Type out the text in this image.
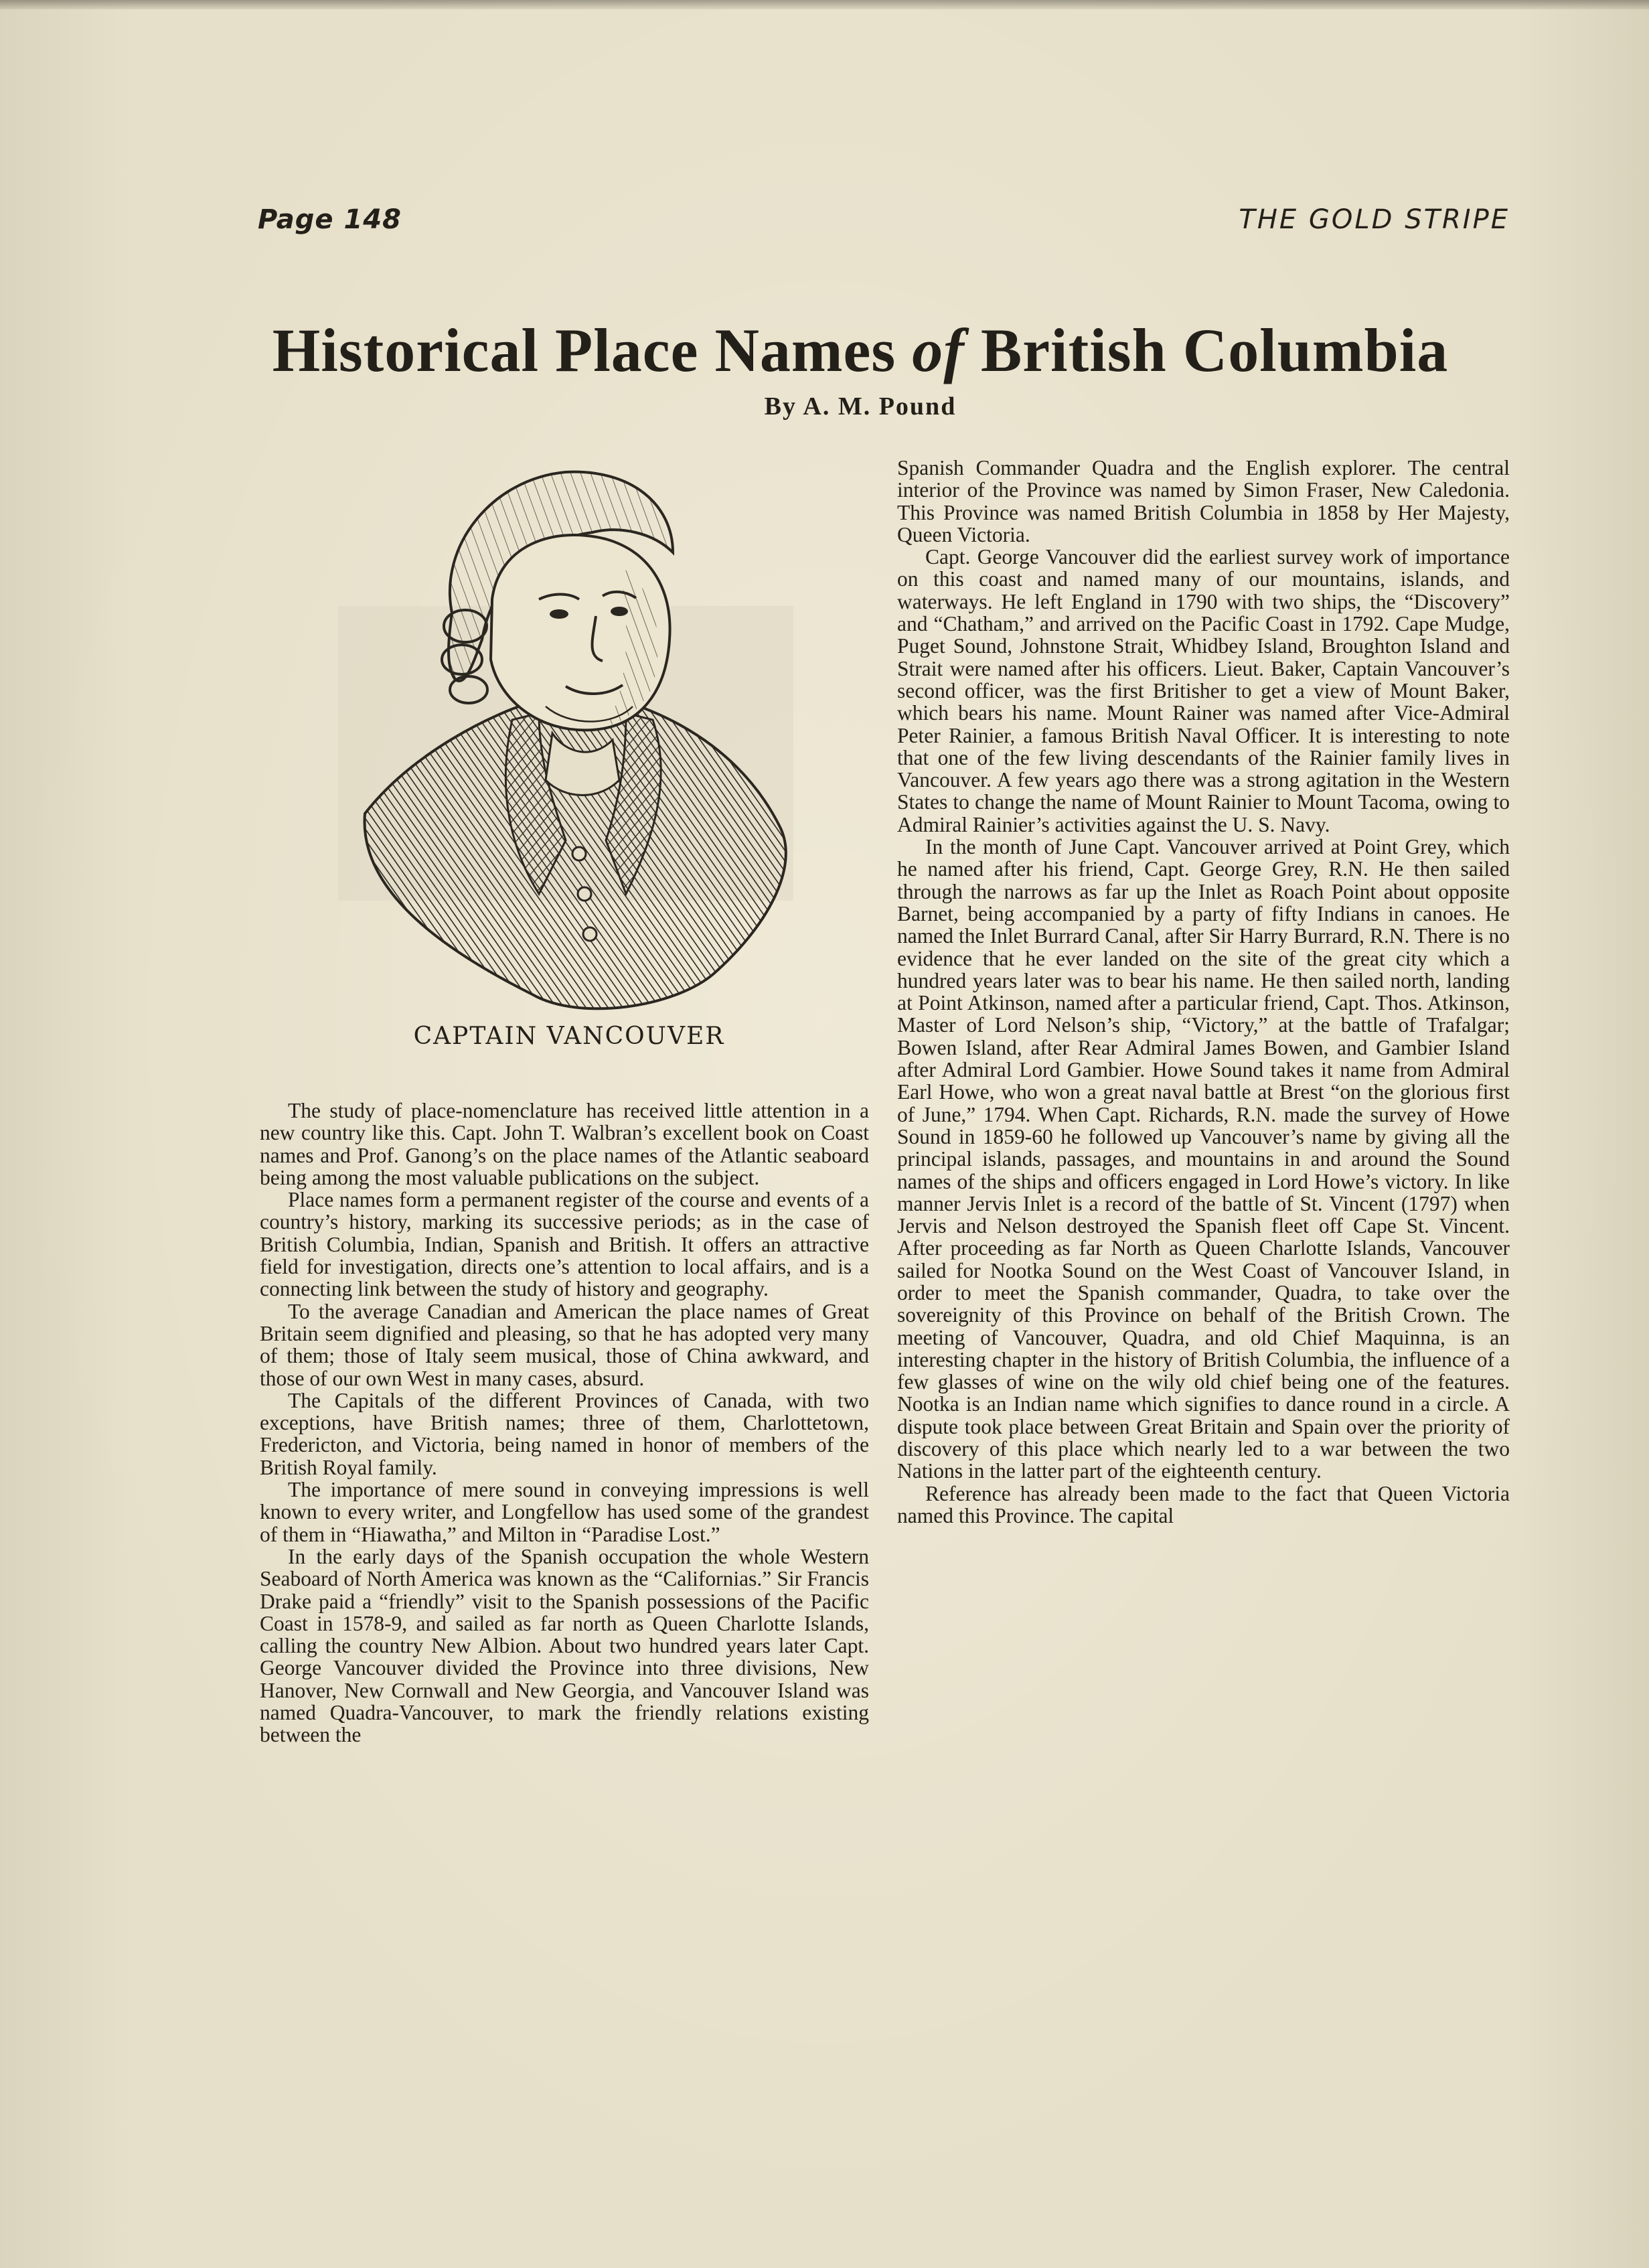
Page 148	THE GOLD STRIPE
Historical Place Names of British Columbia
By A. M. Pound
CAPTAIN VANCOUVER

The study of place-nomenclature has received little attention in a new country like this. Capt. John T. Walbran’s excellent book on Coast names and Prof. Ganong’s on the place names of the Atlantic seaboard being among the most valuable publications on the subject.

Place names form a permanent register of the course and events of a country’s history, marking its successive periods; as in the case of British Columbia, Indian, Spanish and British. It offers an attractive field for investigation, directs one’s attention to local affairs, and is a connecting link between the study of history and geography.

To the average Canadian and American the place names of Great Britain seem dignified and pleasing, so that he has adopted very many of them; those of Italy seem musical, those of China awkward, and those of our own West in many cases, absurd.

The Capitals of the different Provinces of Canada, with two exceptions, have British names; three of them, Charlottetown, Fredericton, and Victoria, being named in honor of members of the British Royal family.

The importance of mere sound in conveying impressions is well known to every writer, and Longfellow has used some of the grandest of them in “Hiawatha,” and Milton in “Paradise Lost.”

In the early days of the Spanish occupation the whole Western Seaboard of North America was known as the “Californias.” Sir Francis Drake paid a “friendly” visit to the Spanish possessions of the Pacific Coast in 1578-9, and sailed as far north as Queen Charlotte Islands, calling the country New Albion. About two hundred years later Capt. George Vancouver divided the Province into three divisions, New Hanover, New Cornwall and New Georgia, and Vancouver Island was named Quadra-Vancouver, to mark the friendly relations existing between the

Spanish Commander Quadra and the English explorer. The central interior of the Province was named by Simon Fraser, New Caledonia. This Province was named British Columbia in 1858 by Her Majesty, Queen Victoria.

Capt. George Vancouver did the earliest survey work of importance on this coast and named many of our mountains, islands, and waterways. He left England in 1790 with two ships, the “Discovery” and “Chatham,” and arrived on the Pacific Coast in 1792. Cape Mudge, Puget Sound, Johnstone Strait, Whidbey Island, Broughton Island and Strait were named after his officers. Lieut. Baker, Captain Vancouver’s second officer, was the first Britisher to get a view of Mount Baker, which bears his name. Mount Rainer was named after Vice-Admiral Peter Rainier, a famous British Naval Officer. It is interesting to note that one of the few living descendants of the Rainier family lives in Vancouver. A few years ago there was a strong agitation in the Western States to change the name of Mount Rainier to Mount Tacoma, owing to Admiral Rainier’s activities against the U. S. Navy.

In the month of June Capt. Vancouver arrived at Point Grey, which he named after his friend, Capt. George Grey, R.N. He then sailed through the narrows as far up the Inlet as Roach Point about opposite Barnet, being accompanied by a party of fifty Indians in canoes. He named the Inlet Burrard Canal, after Sir Harry Burrard, R.N. There is no evidence that he ever landed on the site of the great city which a hundred years later was to bear his name. He then sailed north, landing at Point Atkinson, named after a particular friend, Capt. Thos. Atkinson, Master of Lord Nelson’s ship, “Victory,” at the battle of Trafalgar; Bowen Island, after Rear Admiral James Bowen, and Gambier Island after Admiral Lord Gambier. Howe Sound takes it name from Admiral Earl Howe, who won a great naval battle at Brest “on the glorious first of June,” 1794. When Capt. Richards, R.N. made the survey of Howe Sound in 1859-60 he followed up Vancouver’s name by giving all the principal islands, passages, and mountains in and around the Sound names of the ships and officers engaged in Lord Howe’s victory. In like manner Jervis Inlet is a record of the battle of St. Vincent (1797) when Jervis and Nelson destroyed the Spanish fleet off Cape St. Vincent. After proceeding as far North as Queen Charlotte Islands, Vancouver sailed for Nootka Sound on the West Coast of Vancouver Island, in order to meet the Spanish commander, Quadra, to take over the sovereignity of this Province on behalf of the British Crown. The meeting of Vancouver, Quadra, and old Chief Maquinna, is an interesting chapter in the history of British Columbia, the influence of a few glasses of wine on the wily old chief being one of the features. Nootka is an Indian name which signifies to dance round in a circle. A dispute took place between Great Britain and Spain over the priority of discovery of this place which nearly led to a war between the two Nations in the latter part of the eighteenth century.

Reference has already been made to the fact that Queen Victoria named this Province. The capital
